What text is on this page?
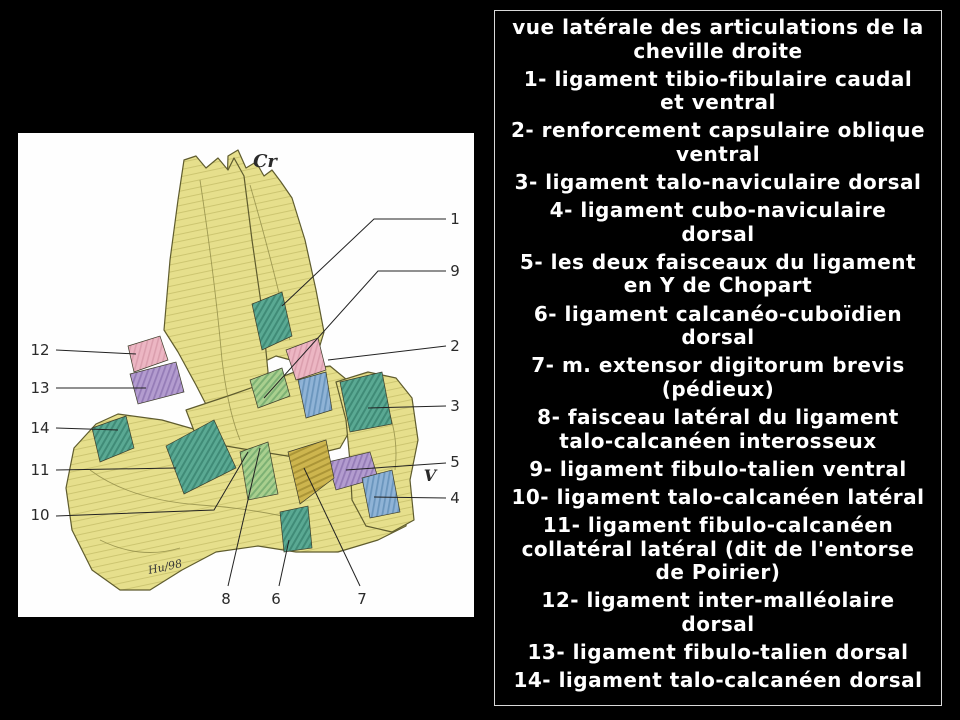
Cr
V
Hu/98
1
2
3
4
5
6	7
8
9
10
11
12
13
14

vue latérale des articulations de la
cheville droite

1- ligament tibio-fibulaire caudal
et ventral

2- renforcement capsulaire oblique
ventral

3- ligament talo-naviculaire dorsal

4- ligament cubo-naviculaire
dorsal

5- les deux faisceaux du ligament
en Y de Chopart

6- ligament calcanéo-cuboïdien
dorsal

7- m. extensor digitorum brevis
(pédieux)

8- faisceau latéral du ligament
talo-calcanéen interosseux

9- ligament fibulo-talien ventral

10- ligament talo-calcanéen latéral

11- ligament fibulo-calcanéen
collatéral latéral (dit de l'entorse
de Poirier)

12- ligament inter-malléolaire
dorsal

13- ligament fibulo-talien dorsal

14- ligament talo-calcanéen dorsal
